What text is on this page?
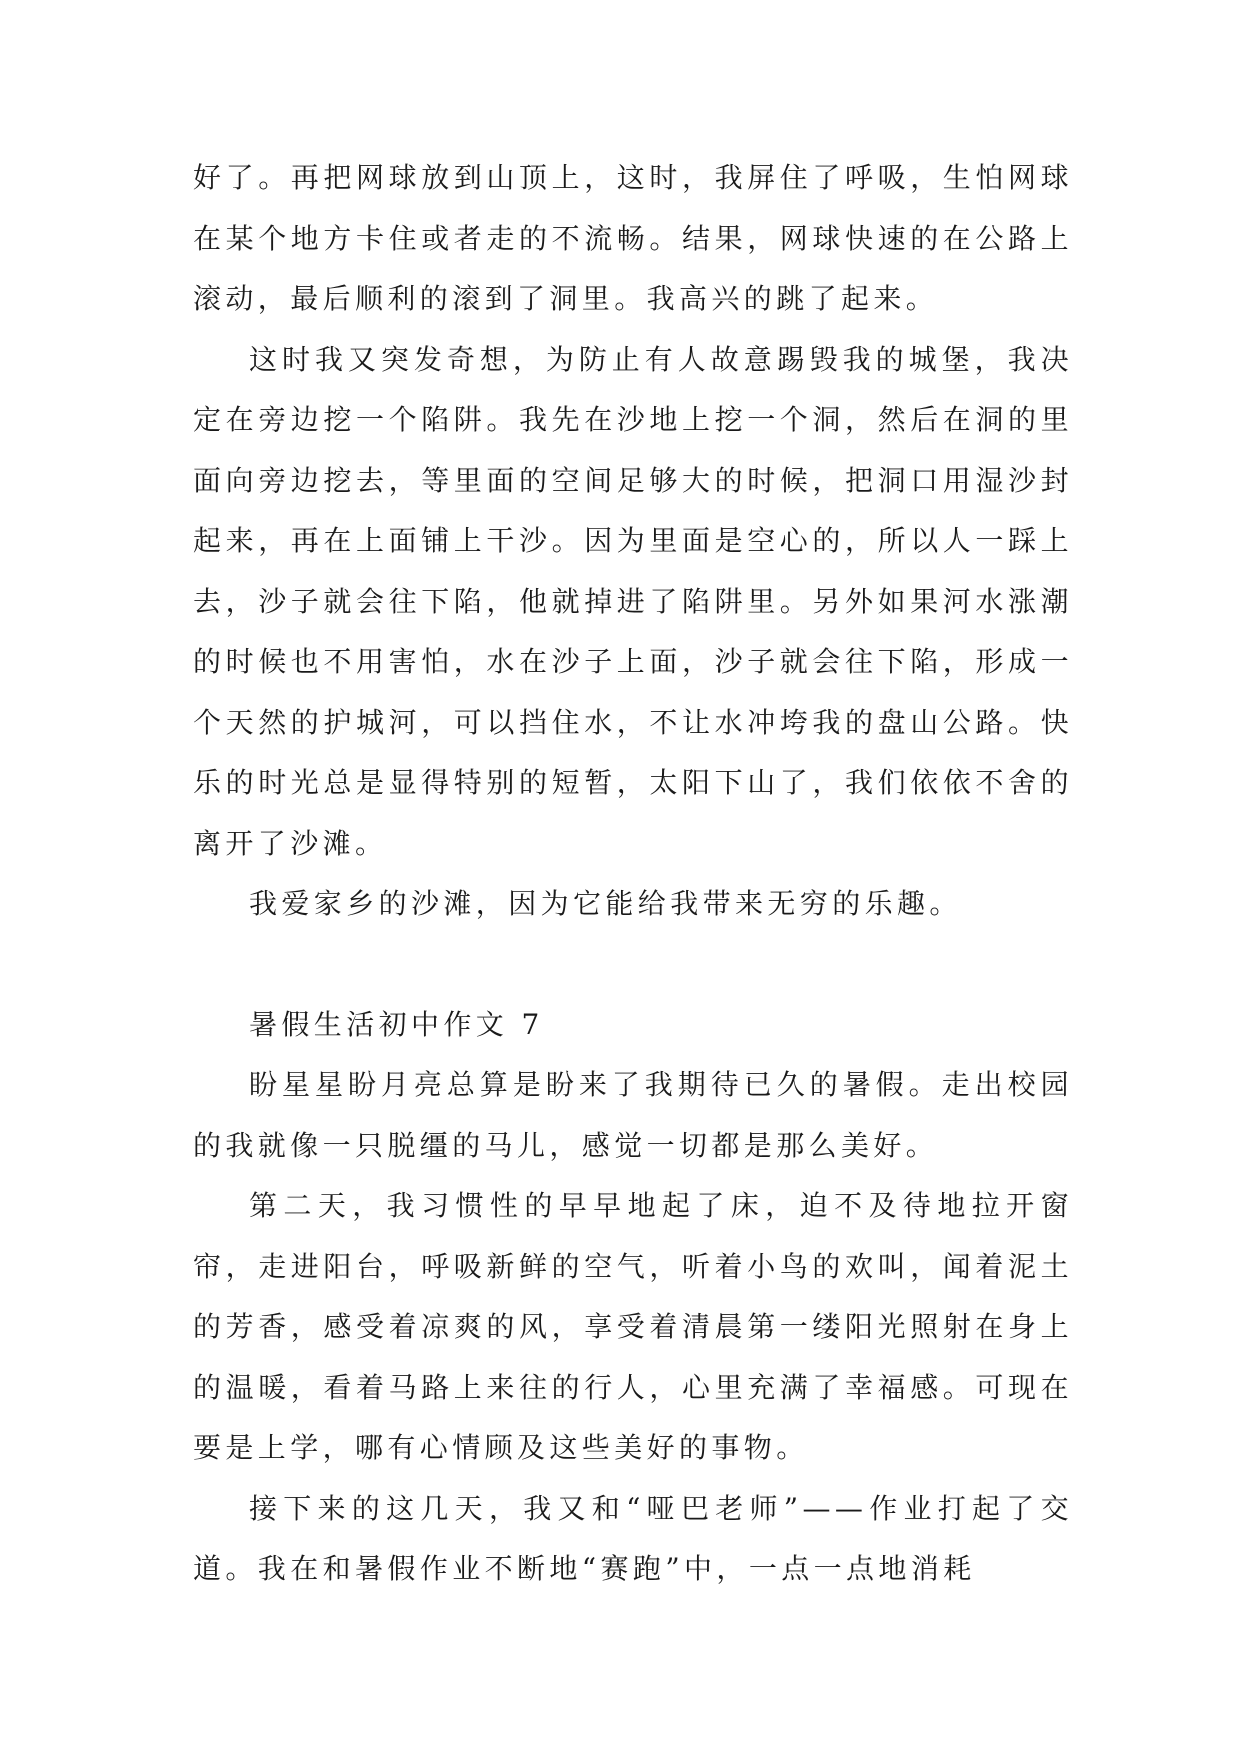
好了。再把网球放到山顶上，这时，我屏住了呼吸，生怕网球在某个地方卡住或者走的不流畅。结果，网球快速的在公路上滚动，最后顺利的滚到了洞里。我高兴的跳了起来。

这时我又突发奇想，为防止有人故意踢毁我的城堡，我决定在旁边挖一个陷阱。我先在沙地上挖一个洞，然后在洞的里面向旁边挖去，等里面的空间足够大的时候，把洞口用湿沙封起来，再在上面铺上干沙。因为里面是空心的，所以人一踩上去，沙子就会往下陷，他就掉进了陷阱里。另外如果河水涨潮的时候也不用害怕，水在沙子上面，沙子就会往下陷，形成一个天然的护城河，可以挡住水，不让水冲垮我的盘山公路。快乐的时光总是显得特别的短暂，太阳下山了，我们依依不舍的离开了沙滩。

我爱家乡的沙滩，因为它能给我带来无穷的乐趣。

暑假生活初中作文 7

盼星星盼月亮总算是盼来了我期待已久的暑假。走出校园的我就像一只脱缰的马儿，感觉一切都是那么美好。

第二天，我习惯性的早早地起了床，迫不及待地拉开窗帘，走进阳台，呼吸新鲜的空气，听着小鸟的欢叫，闻着泥土的芳香，感受着凉爽的风，享受着清晨第一缕阳光照射在身上的温暖，看着马路上来往的行人，心里充满了幸福感。可现在要是上学，哪有心情顾及这些美好的事物。

接下来的这几天，我又和“哑巴老师”——作业打起了交道。我在和暑假作业不断地“赛跑”中，一点一点地消耗
